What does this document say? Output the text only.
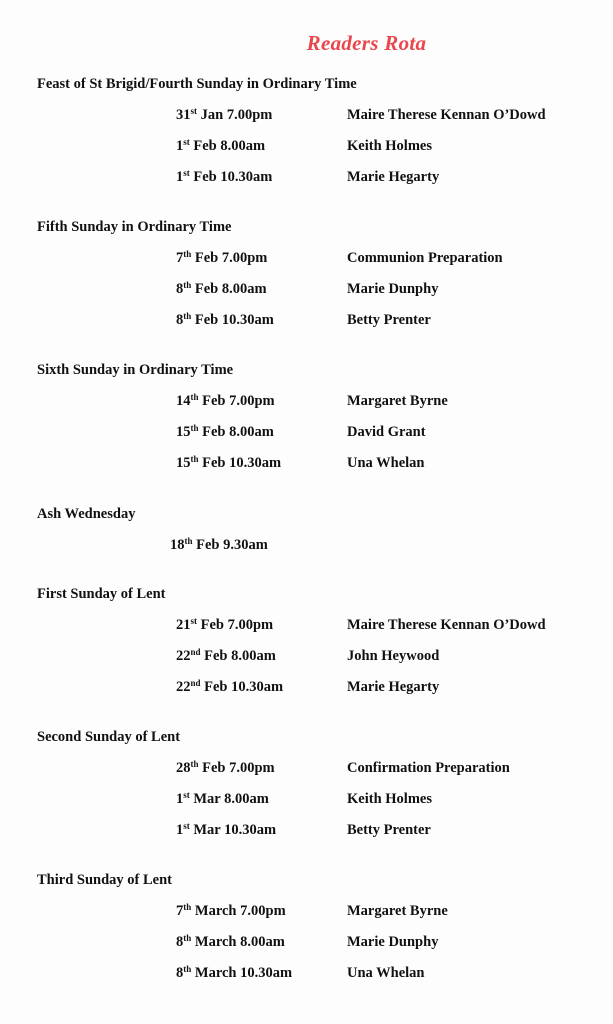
Readers Rota
Feast of St Brigid/Fourth Sunday in Ordinary Time
31st Jan 7.00pm	Maire Therese Kennan O’Dowd
1st Feb 8.00am	Keith Holmes
1st Feb 10.30am	Marie Hegarty
Fifth Sunday in Ordinary Time
7th Feb 7.00pm	Communion Preparation
8th Feb 8.00am	Marie Dunphy
8th Feb 10.30am	Betty Prenter
Sixth Sunday in Ordinary Time
14th Feb 7.00pm	Margaret Byrne
15th Feb 8.00am	David Grant
15th Feb 10.30am	Una Whelan
Ash Wednesday
18th Feb 9.30am
First Sunday of Lent
21st Feb 7.00pm	Maire Therese Kennan O’Dowd
22nd Feb 8.00am	John Heywood
22nd Feb 10.30am	Marie Hegarty
Second Sunday of Lent
28th Feb 7.00pm	Confirmation Preparation
1st Mar 8.00am	Keith Holmes
1st Mar 10.30am	Betty Prenter
Third Sunday of Lent
7th March 7.00pm	Margaret Byrne
8th March 8.00am	Marie Dunphy
8th March 10.30am	Una Whelan
